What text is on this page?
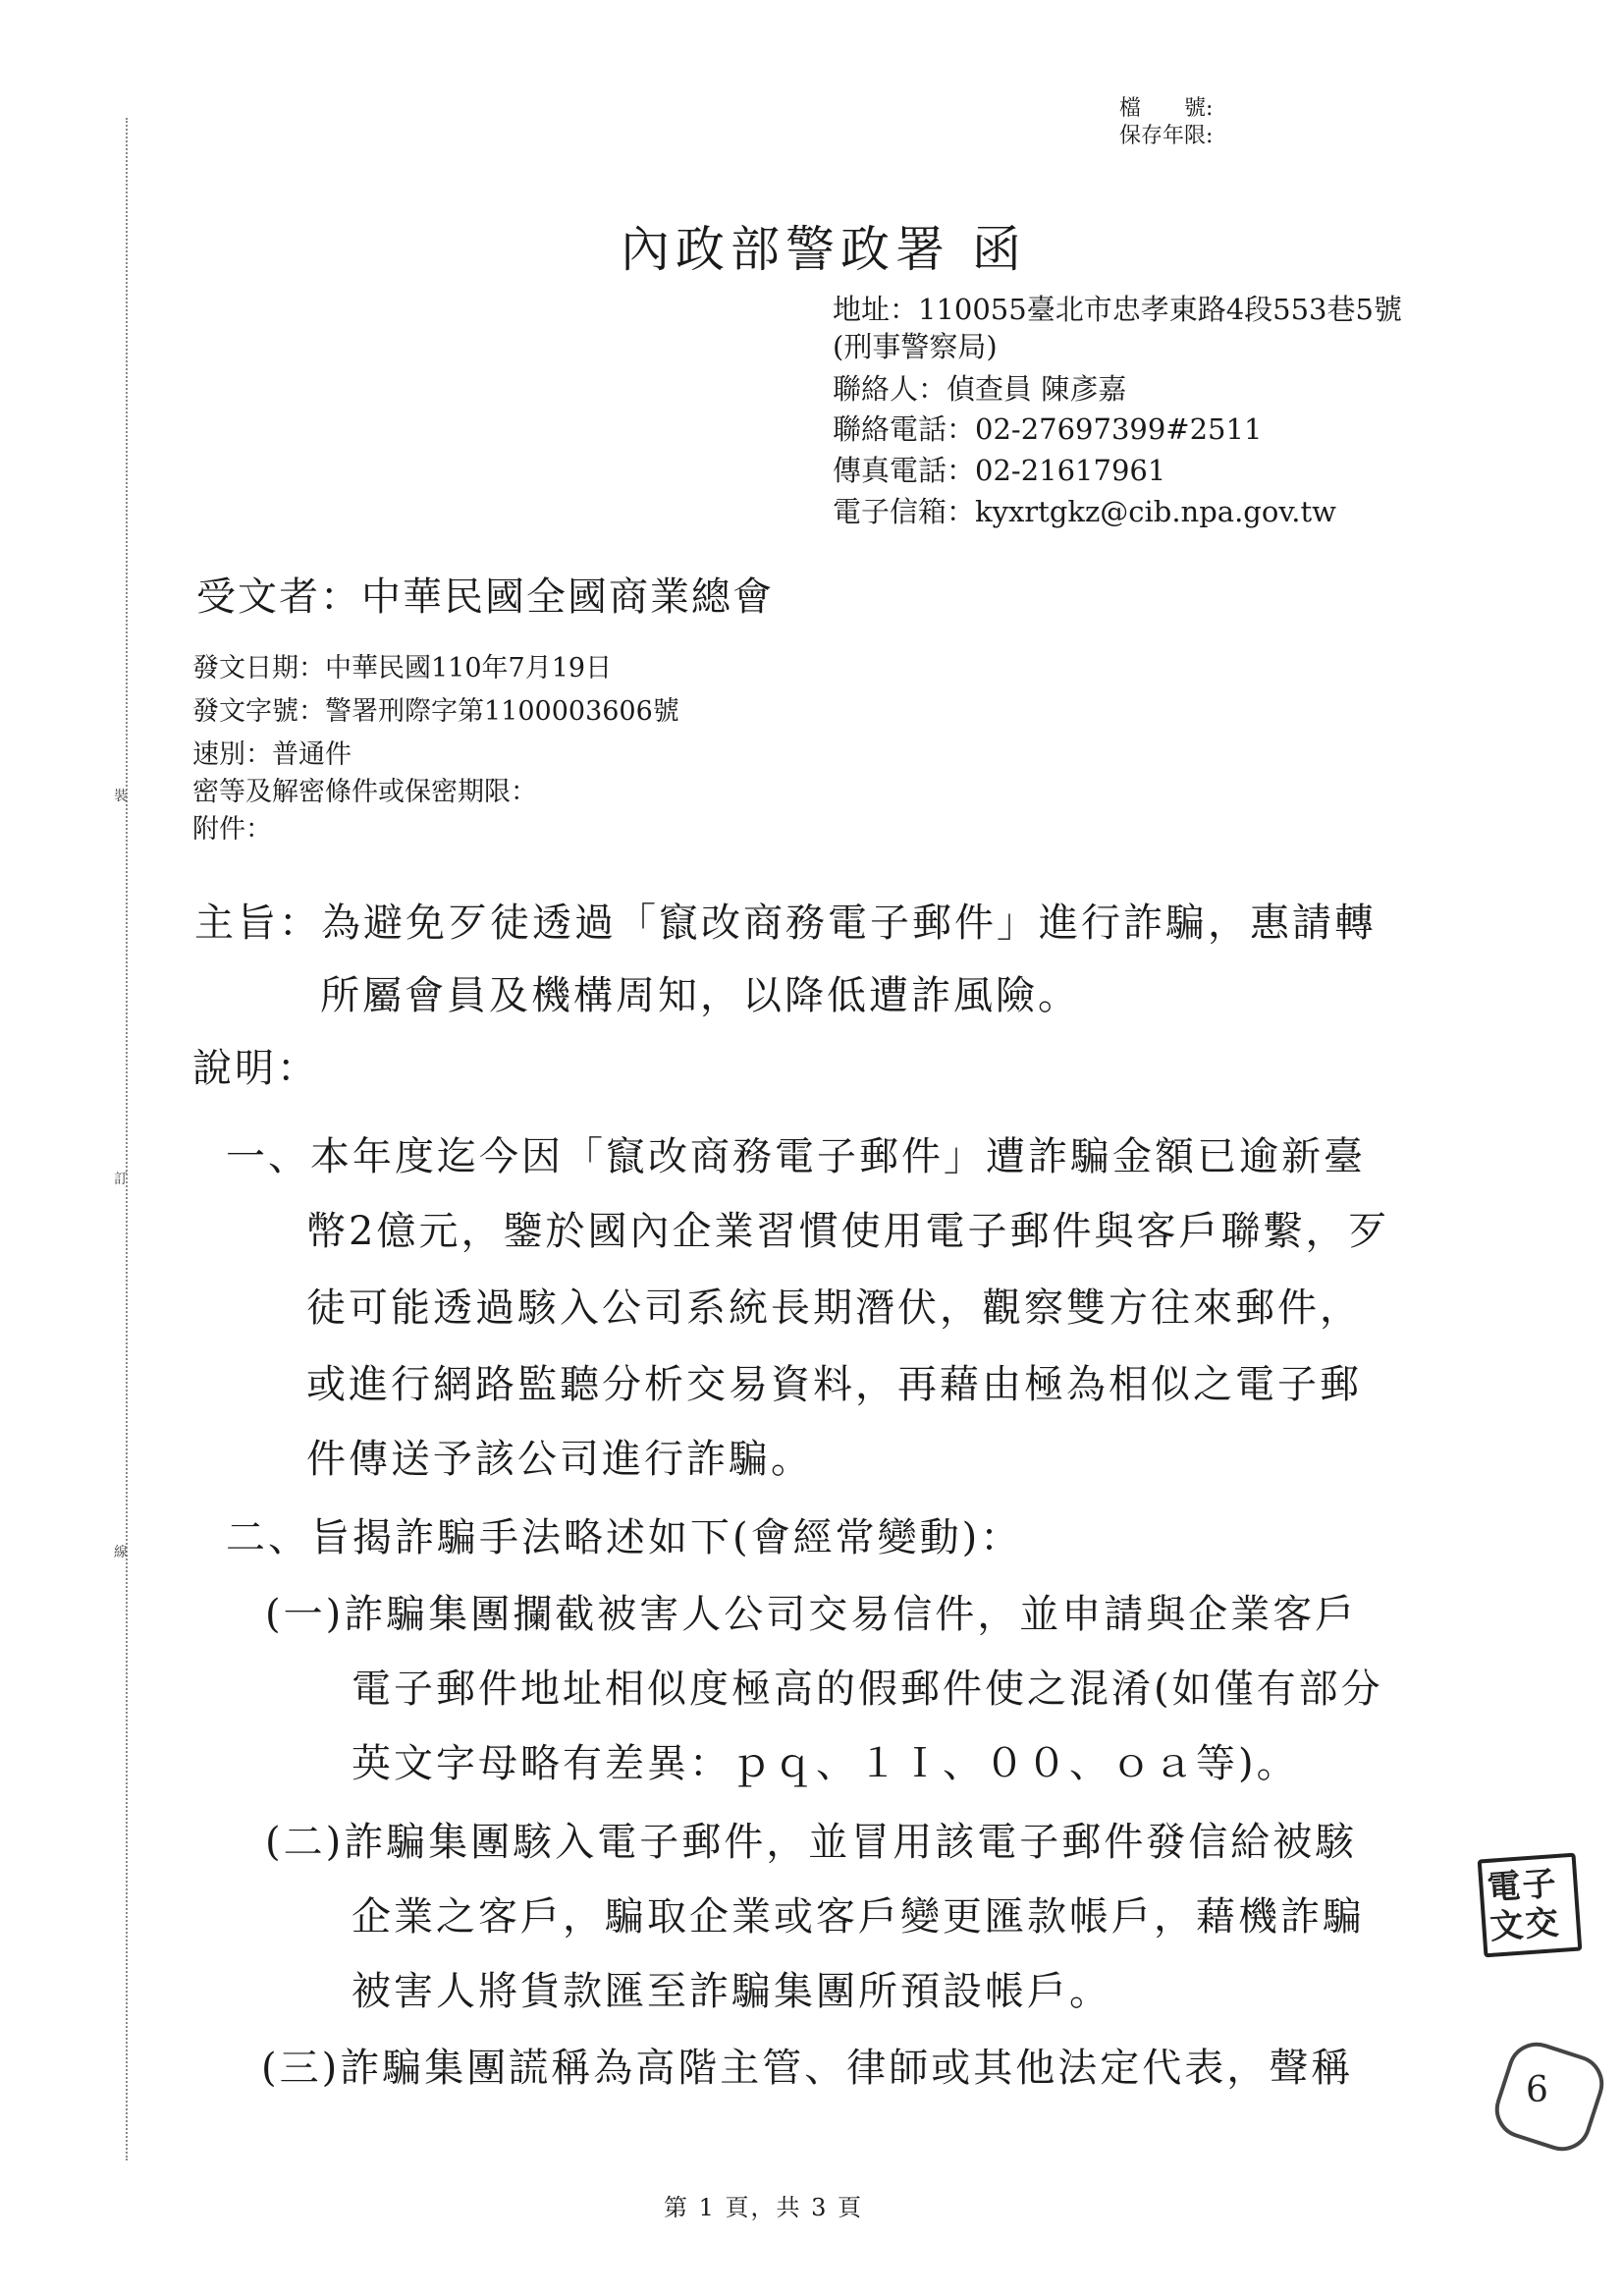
裝
訂
線
檔　　號:
保存年限:
內政部警政署 函
地址：110055臺北市忠孝東路4段553巷5號
(刑事警察局)
聯絡人：偵查員 陳彥嘉
聯絡電話：02-27697399#2511
傳真電話：02-21617961
電子信箱：kyxrtgkz@cib.npa.gov.tw
受文者：中華民國全國商業總會
發文日期：中華民國110年7月19日
發文字號：警署刑際字第1100003606號
速別：普通件
密等及解密條件或保密期限：
附件：
主旨：為避免歹徒透過「竄改商務電子郵件」進行詐騙，惠請轉
所屬會員及機構周知，以降低遭詐風險。
說明：
一、本年度迄今因「竄改商務電子郵件」遭詐騙金額已逾新臺
幣2億元，鑒於國內企業習慣使用電子郵件與客戶聯繫，歹
徒可能透過駭入公司系統長期潛伏，觀察雙方往來郵件，
或進行網路監聽分析交易資料，再藉由極為相似之電子郵
件傳送予該公司進行詐騙。
二、旨揭詐騙手法略述如下(會經常變動)：
(一)詐騙集團攔截被害人公司交易信件，並申請與企業客戶
電子郵件地址相似度極高的假郵件使之混淆(如僅有部分
英文字母略有差異：ｐｑ、１Ｉ、００、ｏａ等)。
(二)詐騙集團駭入電子郵件，並冒用該電子郵件發信給被駭
企業之客戶，騙取企業或客戶變更匯款帳戶，藉機詐騙
被害人將貨款匯至詐騙集團所預設帳戶。
(三)詐騙集團謊稱為高階主管、律師或其他法定代表，聲稱
電子
文交
6
第 1 頁，共 3 頁
